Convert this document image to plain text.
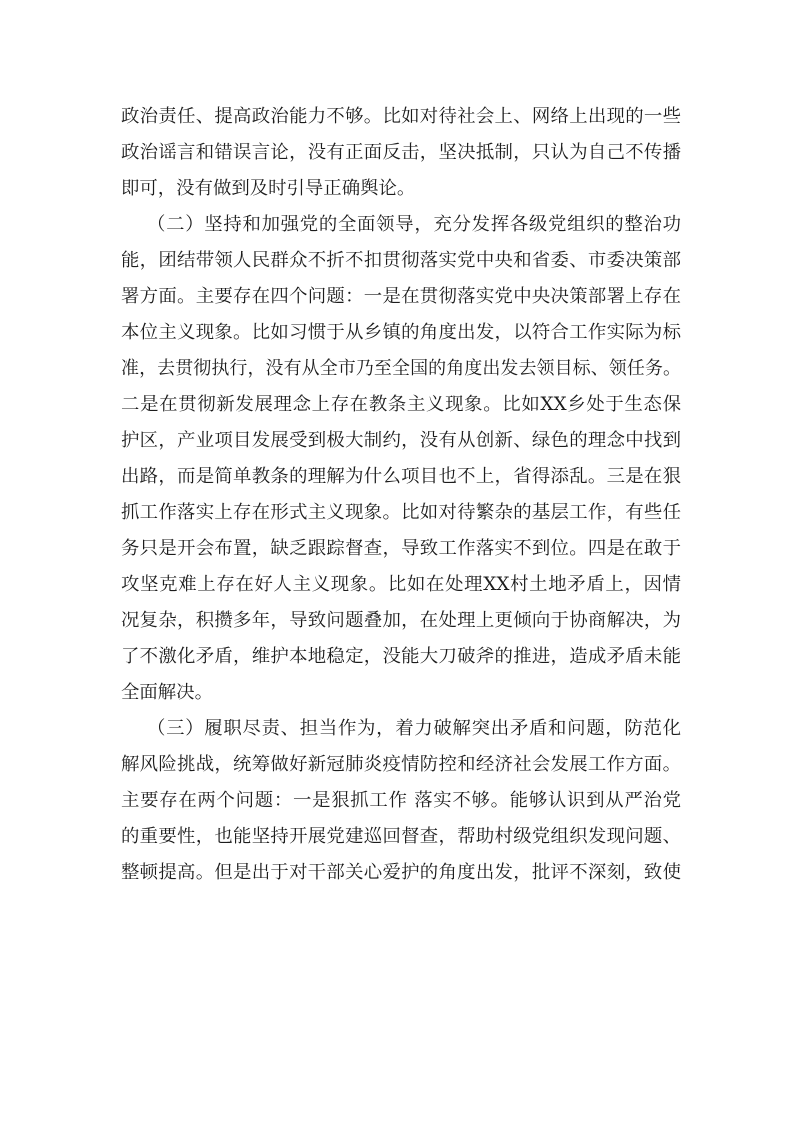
政治责任、提高政治能力不够。比如对待社会上、网络上出现的一些
政治谣言和错误言论，没有正面反击，坚决抵制，只认为自己不传播
即可，没有做到及时引导正确舆论。
（二）坚持和加强党的全面领导，充分发挥各级党组织的整治功
能，团结带领人民群众不折不扣贯彻落实党中央和省委、市委决策部
署方面。主要存在四个问题：一是在贯彻落实党中央决策部署上存在
本位主义现象。比如习惯于从乡镇的角度出发，以符合工作实际为标
准，去贯彻执行，没有从全市乃至全国的角度出发去领目标、领任务。
二是在贯彻新发展理念上存在教条主义现象。比如XX乡处于生态保
护区，产业项目发展受到极大制约，没有从创新、绿色的理念中找到
出路，而是简单教条的理解为什么项目也不上，省得添乱。三是在狠
抓工作落实上存在形式主义现象。比如对待繁杂的基层工作，有些任
务只是开会布置，缺乏跟踪督查，导致工作落实不到位。四是在敢于
攻坚克难上存在好人主义现象。比如在处理XX村土地矛盾上，因情
况复杂，积攒多年，导致问题叠加，在处理上更倾向于协商解决，为
了不激化矛盾，维护本地稳定，没能大刀破斧的推进，造成矛盾未能
全面解决。
（三）履职尽责、担当作为，着力破解突出矛盾和问题，防范化
解风险挑战，统筹做好新冠肺炎疫情防控和经济社会发展工作方面。
主要存在两个问题：一是狠抓工作 落实不够。能够认识到从严治党
的重要性，也能坚持开展党建巡回督查，帮助村级党组织发现问题、
整顿提高。但是出于对干部关心爱护的角度出发，批评不深刻，致使
